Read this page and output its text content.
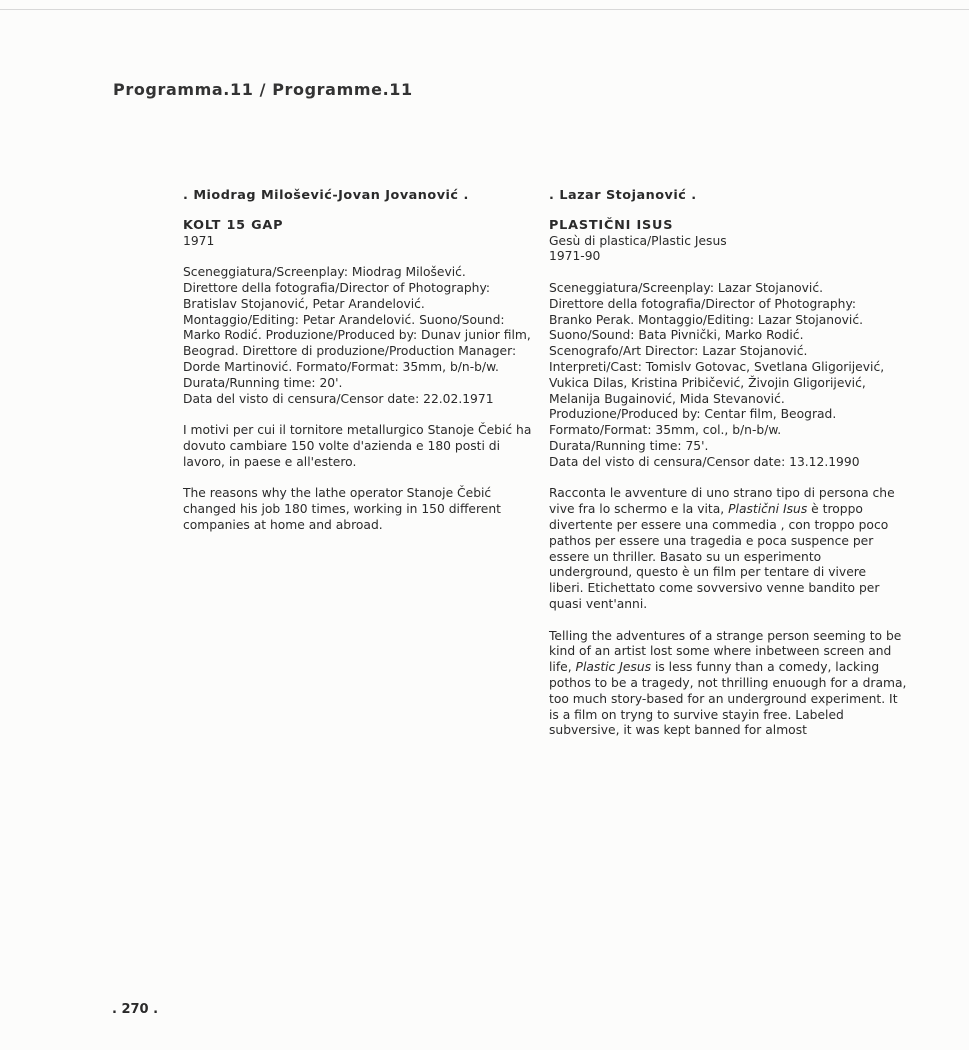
Programma.11 / Programme.11

. Miodrag Milošević-Jovan Jovanović .

KOLT 15 GAP

1971

Sceneggiatura/Screenplay: Miodrag Milošević.

Direttore della fotografia/Director of Photography:

Bratislav Stojanović, Petar Arandelović.

Montaggio/Editing: Petar Arandelović. Suono/Sound:

Marko Rodić. Produzione/Produced by: Dunav junior film,

Beograd. Direttore di produzione/Production Manager:

Dorde Martinović. Formato/Format: 35mm, b/n-b/w.

Durata/Running time: 20'.

Data del visto di censura/Censor date: 22.02.1971

I motivi per cui il tornitore metallurgico Stanoje Čebić ha

dovuto cambiare 150 volte d'azienda e 180 posti di

lavoro, in paese e all'estero.

The reasons why the lathe operator Stanoje Čebić

changed his job 180 times, working in 150 different

companies at home and abroad.

. Lazar Stojanović .

PLASTIČNI ISUS

Gesù di plastica/Plastic Jesus

1971-90

Sceneggiatura/Screenplay: Lazar Stojanović.

Direttore della fotografia/Director of Photography:

Branko Perak. Montaggio/Editing: Lazar Stojanović.

Suono/Sound: Bata Pivnički, Marko Rodić.

Scenografo/Art Director: Lazar Stojanović.

Interpreti/Cast: Tomislv Gotovac, Svetlana Gligorijević,

Vukica Dilas, Kristina Pribičević, Živojin Gligorijević,

Melanija Bugainović, Mida Stevanović.

Produzione/Produced by: Centar film, Beograd.

Formato/Format: 35mm, col., b/n-b/w.

Durata/Running time: 75'.

Data del visto di censura/Censor date: 13.12.1990

Racconta le avventure di uno strano tipo di persona che

vive fra lo schermo e la vita, Plastični Isus è troppo

divertente per essere una commedia , con troppo poco

pathos per essere una tragedia e poca suspence per

essere un thriller. Basato su un esperimento

underground, questo è un film per tentare di vivere

liberi. Etichettato come sovversivo venne bandito per

quasi vent'anni.

Telling the adventures of a strange person seeming to be

kind of an artist lost some where inbetween screen and

life, Plastic Jesus is less funny than a comedy, lacking

pothos to be a tragedy, not thrilling enuough for a drama,

too much story-based for an underground experiment. It

is a film on tryng to survive stayin free. Labeled

subversive, it was kept banned for almost

. 270 .
